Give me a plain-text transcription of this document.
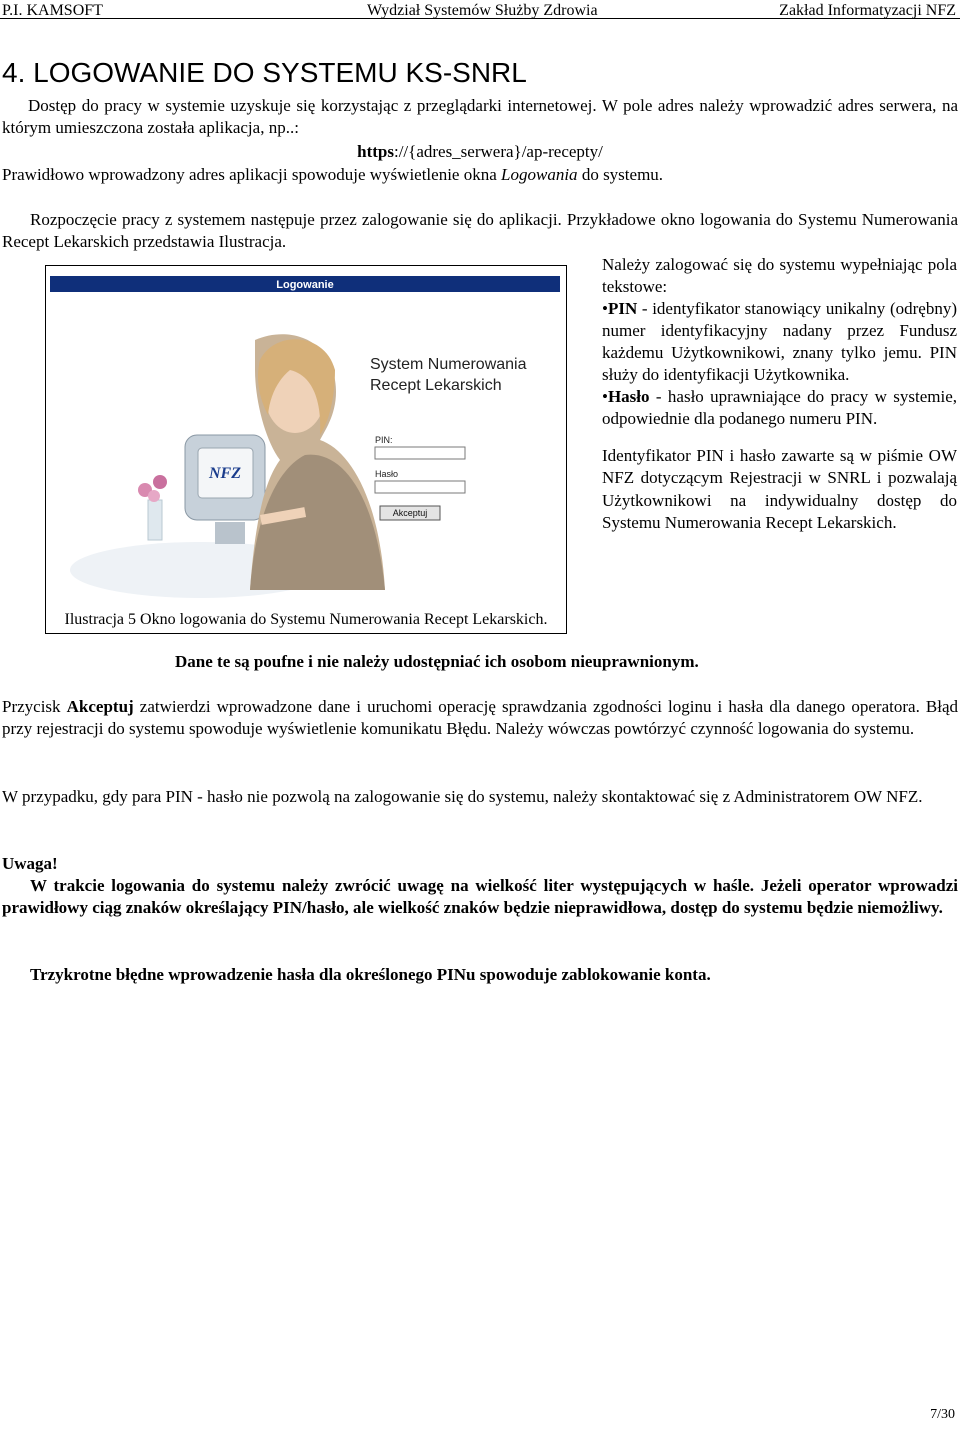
P.I. KAMSOFT	Wydział Systemów Służby Zdrowia	Zakład Informatyzacji NFZ
4. LOGOWANIE DO SYSTEMU KS-SNRL
Dostęp do pracy w systemie uzyskuje się korzystając z przeglądarki internetowej. W pole adres należy wprowadzić adres serwera, na którym umieszczona została aplikacja, np..:
https://{adres_serwera}/ap-recepty/
Prawidłowo wprowadzony adres aplikacji spowoduje wyświetlenie okna Logowania do systemu.
Rozpoczęcie pracy z systemem następuje przez zalogowanie się do aplikacji. Przykładowe okno logowania do Systemu Numerowania Recept Lekarskich przedstawia Ilustracja.
Logowanie
NFZ
System Numerowania
Recept Lekarskich
PIN:
Hasło
Akceptuj
Ilustracja 5 Okno logowania do Systemu Numerowania Recept Lekarskich.
Należy zalogować się do systemu wypełniając pola tekstowe:
•PIN - identyfikator stanowiący unikalny (odrębny) numer identyfikacyjny nadany przez Fundusz każdemu Użytkownikowi, znany tylko jemu. PIN służy do identyfikacji Użytkownika.
•Hasło - hasło uprawniające do pracy w systemie, odpowiednie dla podanego numeru PIN.
Identyfikator PIN i hasło zawarte są w piśmie OW NFZ dotyczącym Rejestracji w SNRL i pozwalają Użytkownikowi na indywidualny dostęp do Systemu Numerowania Recept Lekarskich.
Dane te są poufne i nie należy udostępniać ich osobom nieuprawnionym.
Przycisk Akceptuj zatwierdzi wprowadzone dane i uruchomi operację sprawdzania zgodności loginu i hasła dla danego operatora. Błąd przy rejestracji do systemu spowoduje wyświetlenie komunikatu Błędu. Należy wówczas powtórzyć czynność logowania do systemu.
W przypadku, gdy para PIN - hasło nie pozwolą na zalogowanie się do systemu, należy skontaktować się z Administratorem OW NFZ.
Uwaga!
W trakcie logowania do systemu należy zwrócić uwagę na wielkość liter występujących w haśle. Jeżeli operator wprowadzi prawidłowy ciąg znaków określający PIN/hasło, ale wielkość znaków będzie nieprawidłowa, dostęp do systemu będzie niemożliwy.
Trzykrotne błędne wprowadzenie hasła dla określonego PINu spowoduje zablokowanie konta.
7/30
